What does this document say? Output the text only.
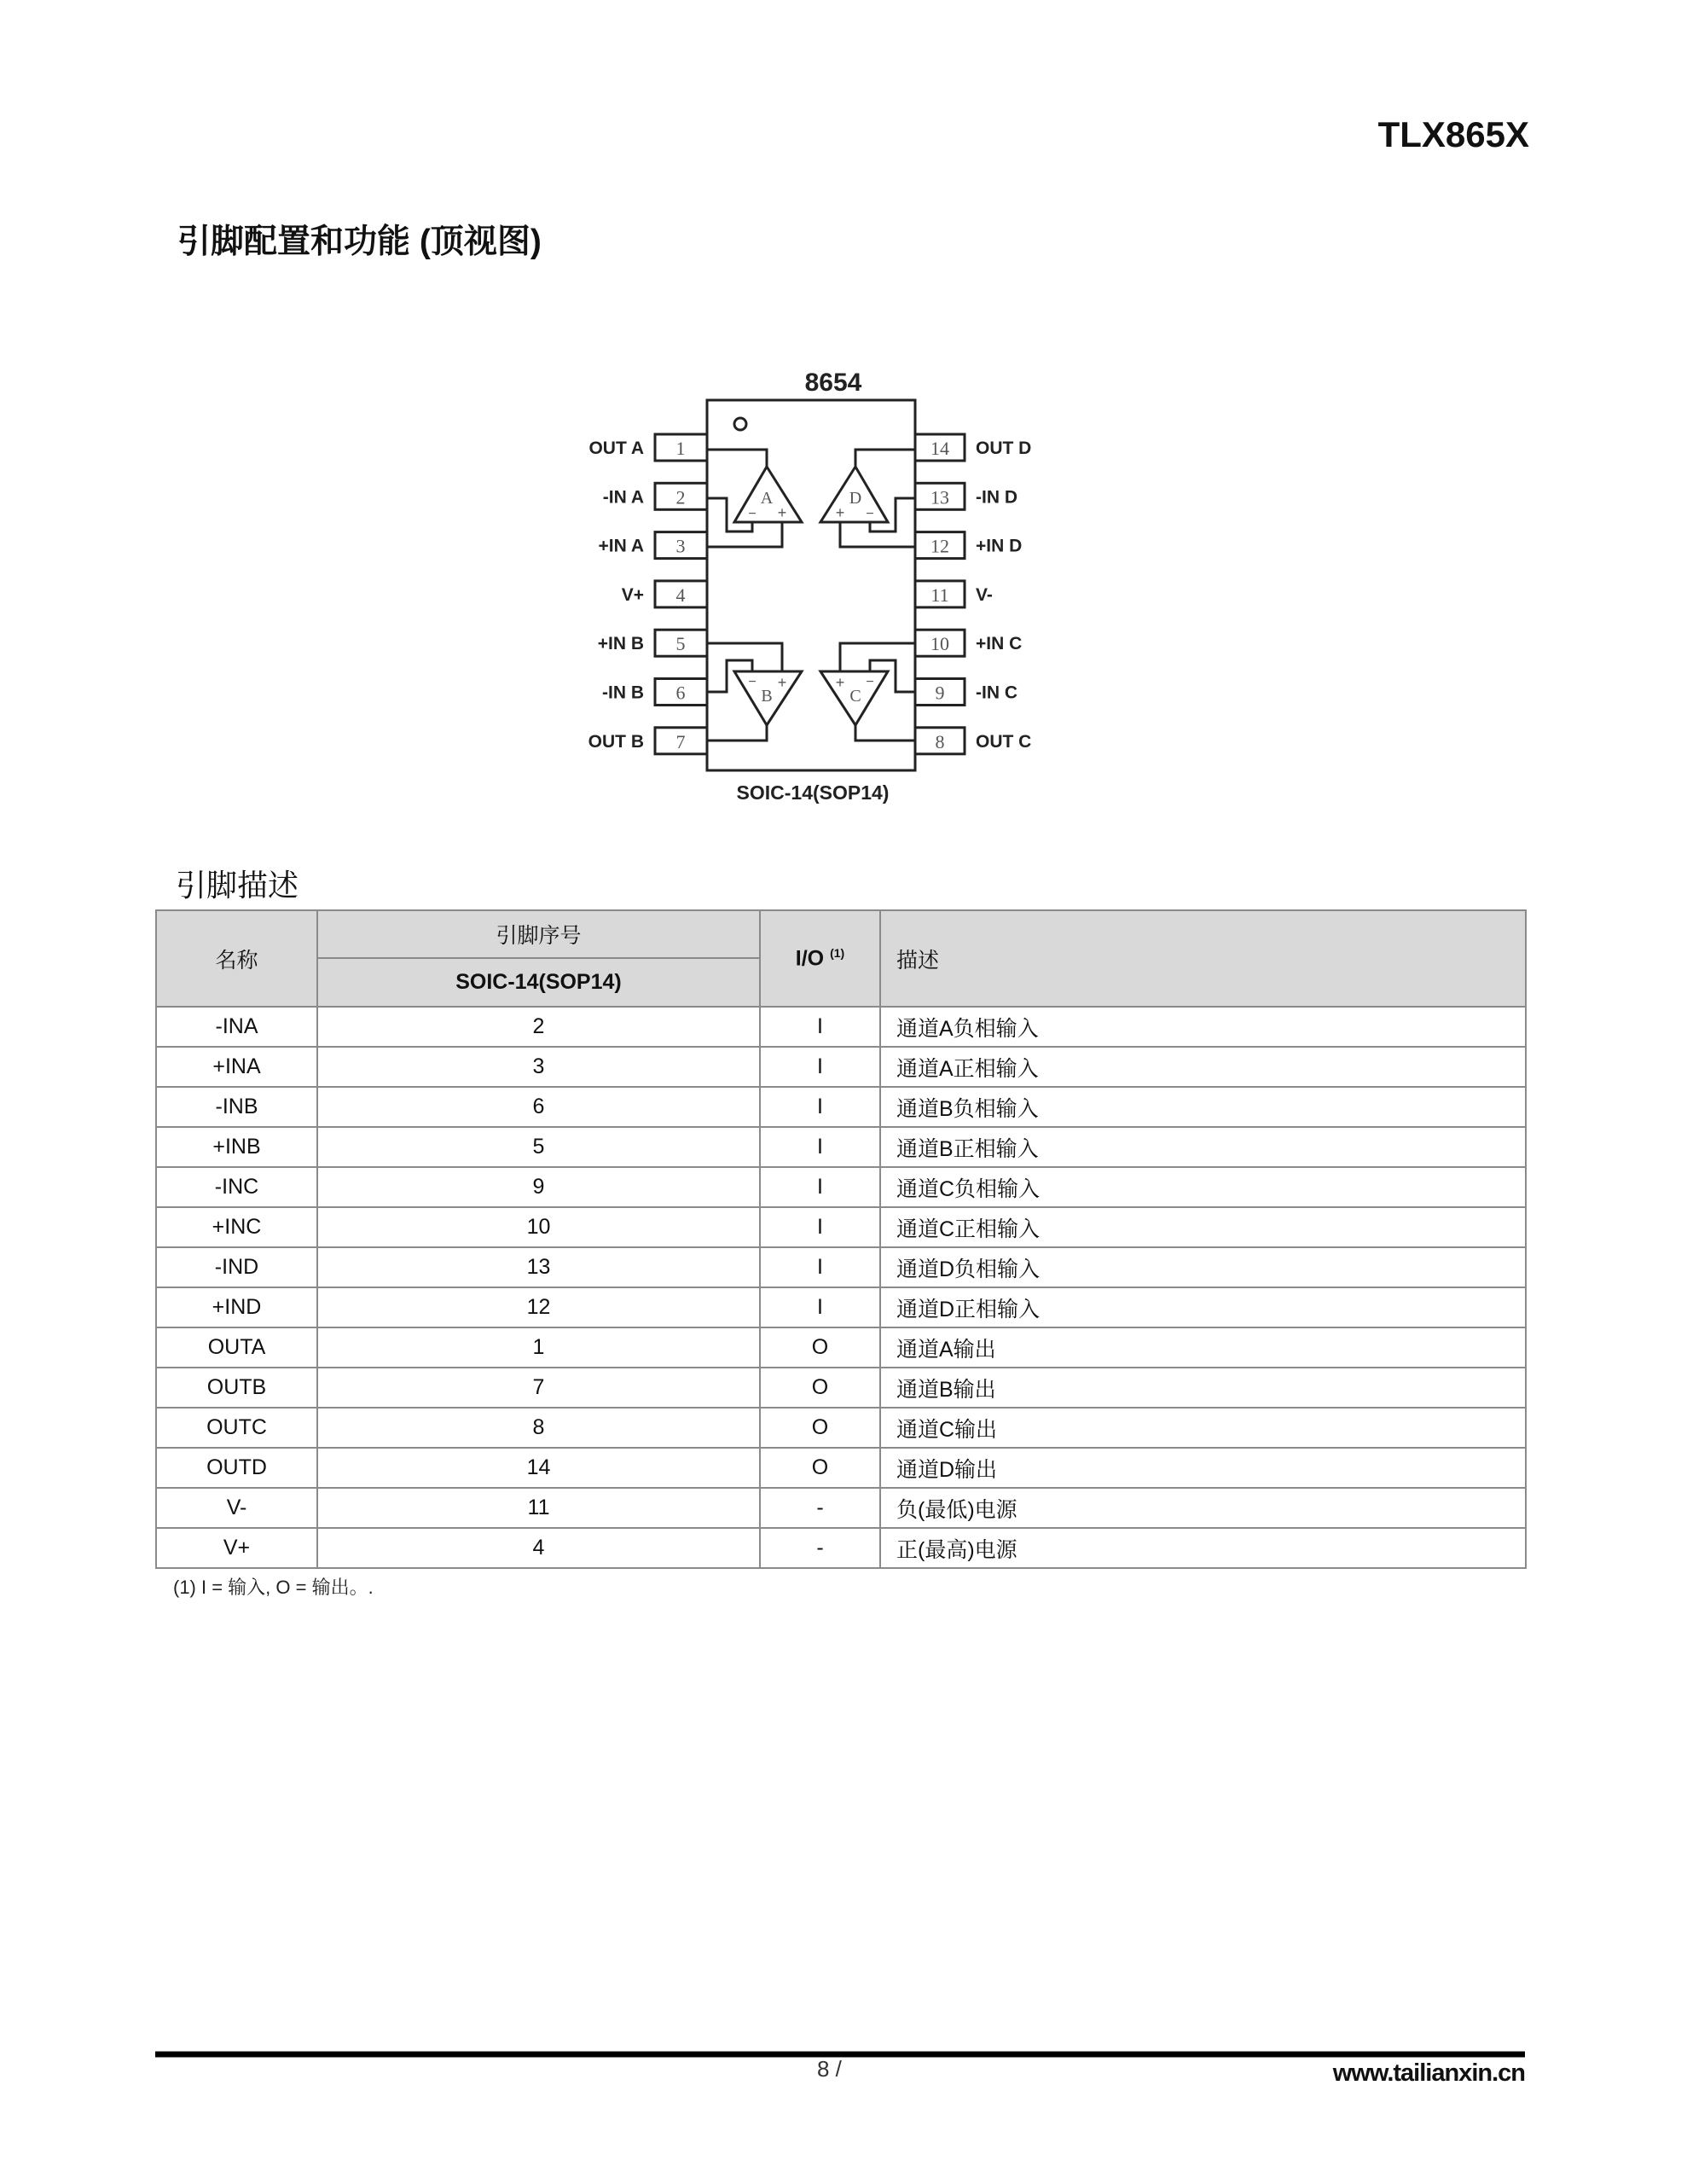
TLX865X
引脚配置和功能 (顶视图)
8654
SOIC-14(SOP14)
1	14
OUT A	OUT D
2	13
-IN A	-IN D
3	12
+IN A	+IN D
4	11
V+	V-
5	10
+IN B	+IN C
6	9
-IN B	-IN C
7	8
OUT B	OUT C
A
− +
B
− +
C
−
+
D
−
+
引脚描述
名称	引脚序号	I/O $^{(1)}$	描述
	SOIC-14(SOP14)		
-INA	2	I	通道A负相输入
+INA	3	I	通道A正相输入
-INB	6	I	通道B负相输入
+INB	5	I	通道B正相输入
-INC	9	I	通道C负相输入
+INC	10	I	通道C正相输入
-IND	13	I	通道D负相输入
+IND	12	I	通道D正相输入
OUTA	1	O	通道A输出
OUTB	7	O	通道B输出
OUTC	8	O	通道C输出
OUTD	14	O	通道D输出
V-	11	-	负(最低)电源
V+	4	-	正(最高)电源
(1) I = 输入, O = 输出。.
8 /	www.tailianxin.cn
